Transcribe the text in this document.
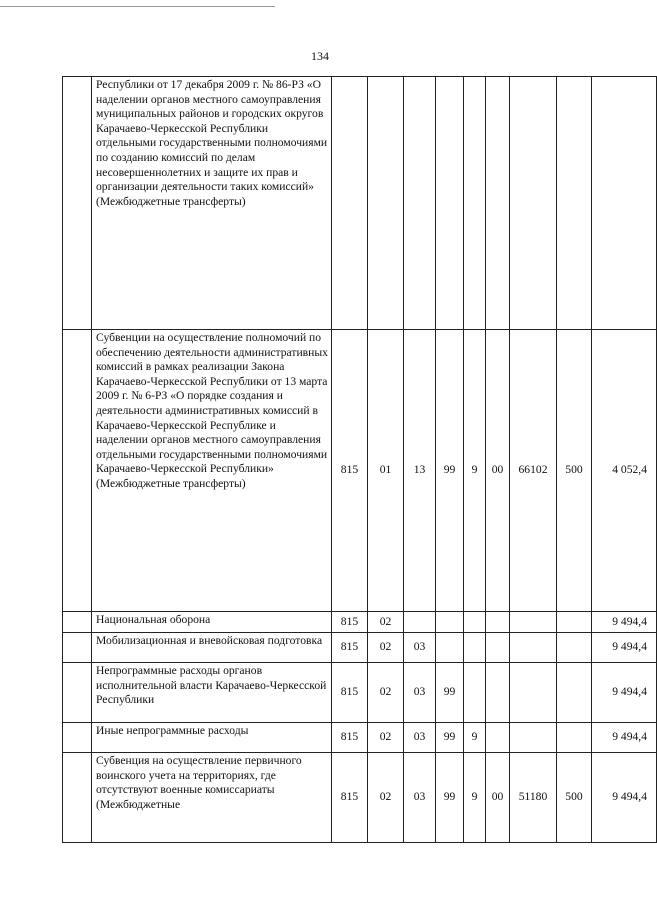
134
	Республики от 17 декабря 2009 г. № 86-РЗ «О наделении органов местного самоуправления муниципальных районов и городских округов Карачаево-Черкесской Республики отдельными государственными полномочиями по созданию комиссий по делам несовершеннолетних и защите их прав и организации деятельности таких комиссий» (Межбюджетные трансферты)									
	Субвенции на осуществление полномочий по обеспечению деятельности административных комиссий в рамках реализации Закона Карачаево-Черкесской Республики от 13 марта 2009 г. № 6-РЗ «О порядке создания и деятельности административных комиссий в Карачаево-Черкесской Республике и наделении органов местного самоуправления отдельными государственными полномочиями Карачаево-Черкесской Республики» (Межбюджетные трансферты)	815	01	13	99	9	00	66102	500	4 052,4
	Национальная оборона	815	02							9 494,4
	Мобилизационная и вневойсковая подготовка	815	02	03						9 494,4
	Непрограммные расходы органов исполнительной власти Карачаево-Черкесской Республики	815	02	03	99					9 494,4
	Иные непрограммные расходы	815	02	03	99	9				9 494,4
	Субвенция на осуществление первичного воинского учета на территориях, где отсутствуют военные комиссариаты (Межбюджетные	815	02	03	99	9	00	51180	500	9 494,4
